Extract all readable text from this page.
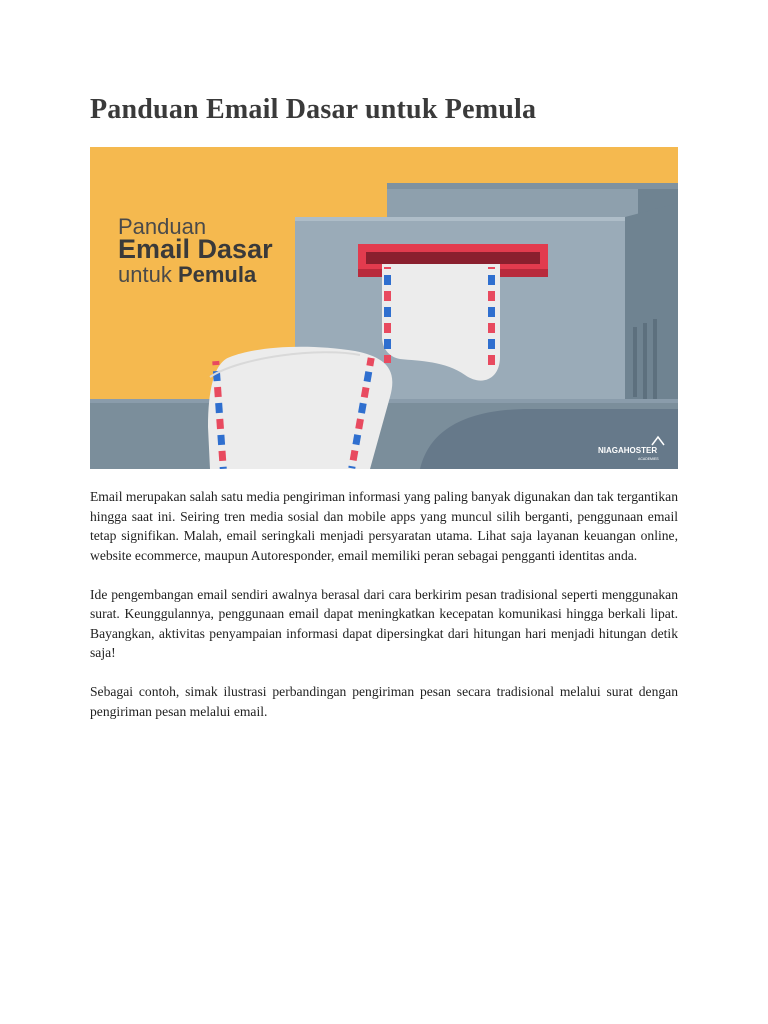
Panduan Email Dasar untuk Pemula
Panduan
Email Dasar
untuk Pemula
NIAGAHOSTER
ACADEMIES

Email merupakan salah satu media pengiriman informasi yang paling banyak digunakan dan tak tergantikan hingga saat ini. Seiring tren media sosial dan mobile apps yang muncul silih berganti, penggunaan email tetap signifikan. Malah, email seringkali menjadi persyaratan utama. Lihat saja layanan keuangan online, website ecommerce, maupun Autoresponder, email memiliki peran sebagai pengganti identitas anda.

Ide pengembangan email sendiri awalnya berasal dari cara berkirim pesan tradisional seperti menggunakan surat. Keunggulannya, penggunaan email dapat meningkatkan kecepatan komunikasi hingga berkali lipat. Bayangkan, aktivitas penyampaian informasi dapat dipersingkat dari hitungan hari menjadi hitungan detik saja!

Sebagai contoh, simak ilustrasi perbandingan pengiriman pesan secara tradisional melalui surat dengan pengiriman pesan melalui email.
